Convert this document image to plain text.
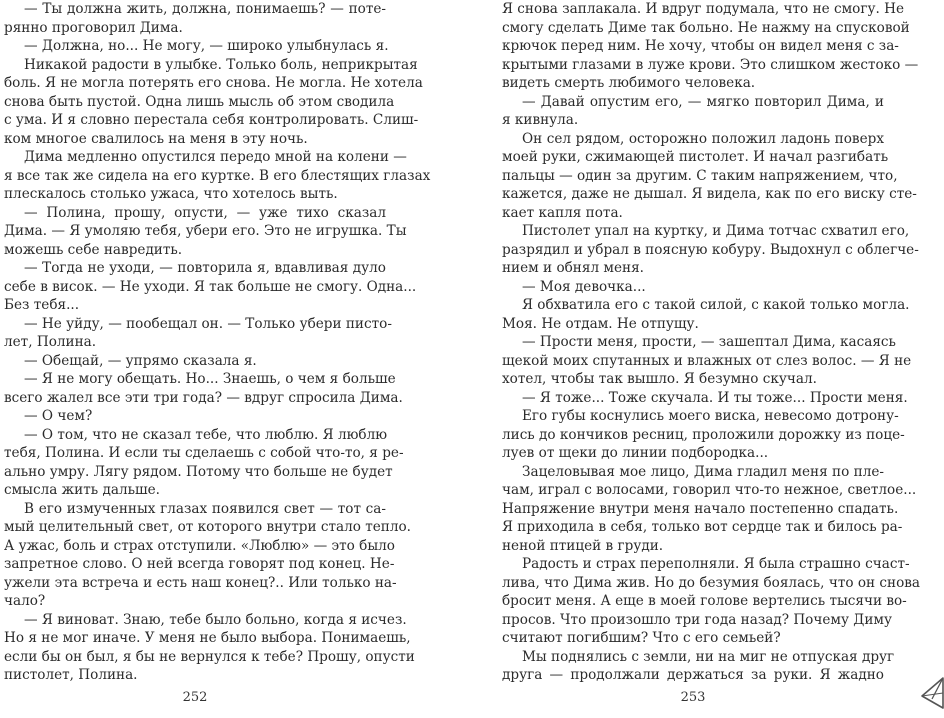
— Ты должна жить, должна, понимаешь? — поте-
рянно проговорил Дима.
— Должна, но... Не могу, — широко улыбнулась я.
Никакой радости в улыбке. Только боль, неприкрытая
боль. Я не могла потерять его снова. Не могла. Не хотела
снова быть пустой. Одна лишь мысль об этом сводила
с ума. И я словно перестала себя контролировать. Слиш-
ком многое свалилось на меня в эту ночь.
Дима медленно опустился передо мной на колени —
я все так же сидела на его куртке. В его блестящих глазах
плескалось столько ужаса, что хотелось выть.
— Полина, прошу, опусти, — уже тихо сказал
Дима. — Я умоляю тебя, убери его. Это не игрушка. Ты
можешь себе навредить.
— Тогда не уходи, — повторила я, вдавливая дуло
себе в висок. — Не уходи. Я так больше не смогу. Одна...
Без тебя...
— Не уйду, — пообещал он. — Только убери писто-
лет, Полина.
— Обещай, — упрямо сказала я.
— Я не могу обещать. Но... Знаешь, о чем я больше
всего жалел все эти три года? — вдруг спросила Дима.
— О чем?
— О том, что не сказал тебе, что люблю. Я люблю
тебя, Полина. И если ты сделаешь с собой что-то, я ре-
ально умру. Лягу рядом. Потому что больше не будет
смысла жить дальше.
В его измученных глазах появился свет — тот са-
мый целительный свет, от которого внутри стало тепло.
А ужас, боль и страх отступили. «Люблю» — это было
запретное слово. О ней всегда говорят под конец. Не-
ужели эта встреча и есть наш конец?.. Или только на-
чало?
— Я виноват. Знаю, тебе было больно, когда я исчез.
Но я не мог иначе. У меня не было выбора. Понимаешь,
если бы он был, я бы не вернулся к тебе? Прошу, опусти
пистолет, Полина.
Я снова заплакала. И вдруг подумала, что не смогу. Не
смогу сделать Диме так больно. Не нажму на спусковой
крючок перед ним. Не хочу, чтобы он видел меня с за-
крытыми глазами в луже крови. Это слишком жестоко —
видеть смерть любимого человека.
— Давай опустим его, — мягко повторил Дима, и
я кивнула.
Он сел рядом, осторожно положил ладонь поверх
моей руки, сжимающей пистолет. И начал разгибать
пальцы — один за другим. С таким напряжением, что,
кажется, даже не дышал. Я видела, как по его виску сте-
кает капля пота.
Пистолет упал на куртку, и Дима тотчас схватил его,
разрядил и убрал в поясную кобуру. Выдохнул с облегче-
нием и обнял меня.
— Моя девочка...
Я обхватила его с такой силой, с какой только могла.
Моя. Не отдам. Не отпущу.
— Прости меня, прости, — зашептал Дима, касаясь
щекой моих спутанных и влажных от слез волос. — Я не
хотел, чтобы так вышло. Я безумно скучал.
— Я тоже... Тоже скучала. И ты тоже... Прости меня.
Его губы коснулись моего виска, невесомо дотрону-
лись до кончиков ресниц, проложили дорожку из поце-
луев от щеки до линии подбородка...
Зацеловывая мое лицо, Дима гладил меня по пле-
чам, играл с волосами, говорил что-то нежное, светлое...
Напряжение внутри меня начало постепенно спадать.
Я приходила в себя, только вот сердце так и билось ра-
неной птицей в груди.
Радость и страх переполняли. Я была страшно счаст-
лива, что Дима жив. Но до безумия боялась, что он снова
бросит меня. А еще в моей голове вертелись тысячи во-
просов. Что произошло три года назад? Почему Диму
считают погибшим? Что с его семьей?
Мы поднялись с земли, ни на миг не отпуская друг
друга — продолжали держаться за руки. Я жадно
252	253
